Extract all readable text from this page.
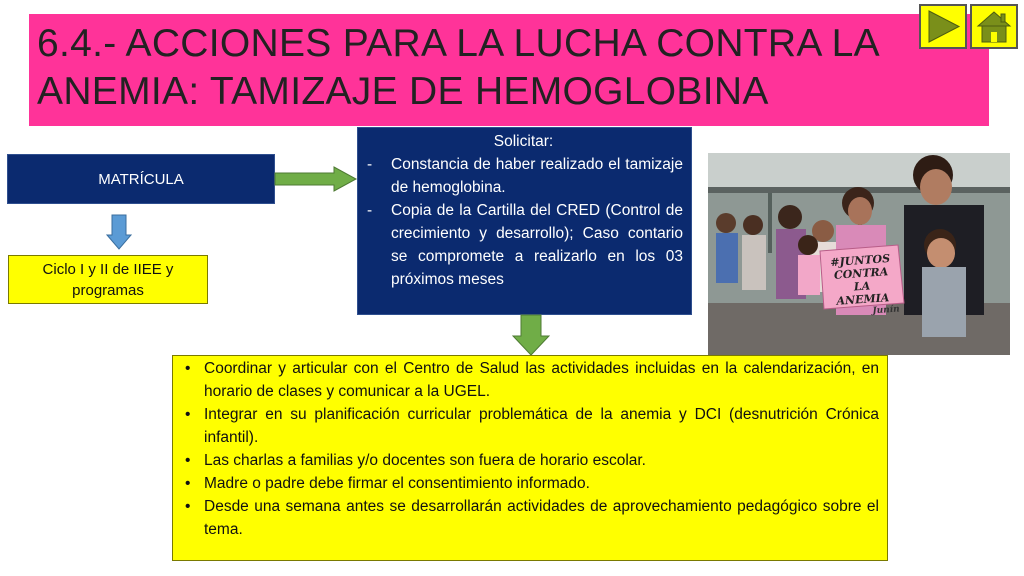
6.4.- ACCIONES PARA LA LUCHA CONTRA LA ANEMIA: TAMIZAJE DE HEMOGLOBINA
MATRÍCULA
Ciclo I y II de IIEE y programas
Solicitar:
- Constancia de haber realizado el tamizaje de hemoglobina.
- Copia de la Cartilla del CRED (Control de crecimiento y desarrollo); Caso contario se compromete a realizarlo en los 03 próximos meses
• Coordinar y articular con el Centro de Salud las actividades incluidas en la calendarización, en horario de clases y comunicar a la UGEL.
• Integrar en su planificación curricular problemática de la anemia y DCI (desnutrición Crónica infantil).
• Las charlas a familias y/o docentes son fuera de horario escolar.
• Madre o padre debe firmar el consentimiento informado.
• Desde una semana antes se desarrollarán actividades de aprovechamiento pedagógico sobre el tema.
#JUNTOS
CONTRA LA
ANEMIA
Junín
